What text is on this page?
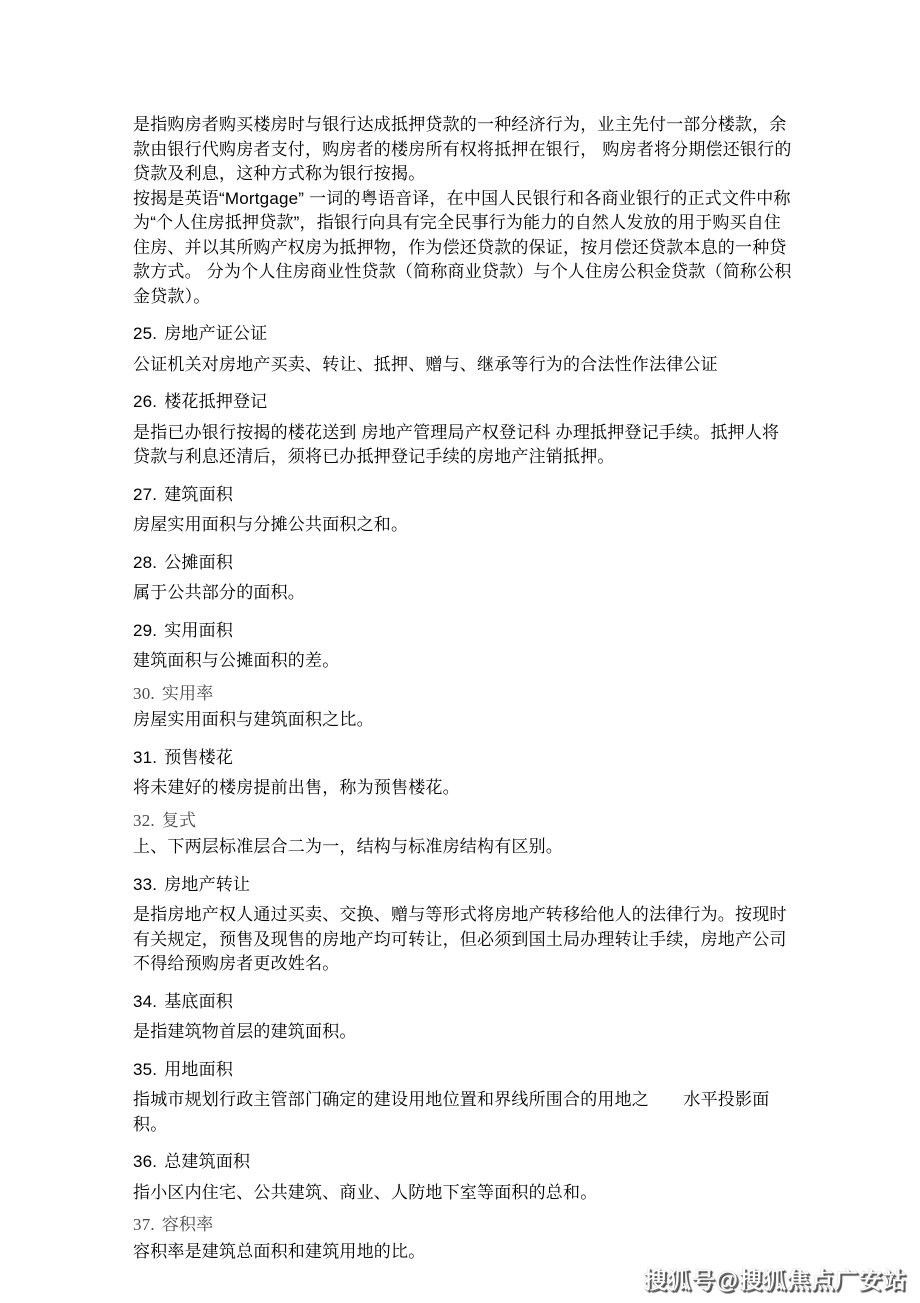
是指购房者购买楼房时与银行达成抵押贷款的一种经济行为，业主先付一部分楼款，余款由银行代购房者支付，购房者的楼房所有权将抵押在银行， 购房者将分期偿还银行的贷款及利息，这种方式称为银行按揭。

按揭是英语“Mortgage” 一词的粤语音译，在中国人民银行和各商业银行的正式文件中称为“个人住房抵押贷款”，指银行向具有完全民事行为能力的自然人发放的用于购买自住住房、并以其所购产权房为抵押物，作为偿还贷款的保证，按月偿还贷款本息的一种贷款方式。 分为个人住房商业性贷款（简称商业贷款）与个人住房公积金贷款（简称公积金贷款）。

25. 房地产证公证

公证机关对房地产买卖、转让、抵押、赠与、继承等行为的合法性作法律公证

26. 楼花抵押登记

是指已办银行按揭的楼花送到 房地产管理局产权登记科 办理抵押登记手续。抵押人将贷款与利息还清后，须将已办抵押登记手续的房地产注销抵押。

27. 建筑面积

房屋实用面积与分摊公共面积之和。

28. 公摊面积

属于公共部分的面积。

29. 实用面积

建筑面积与公摊面积的差。

30. 实用率

房屋实用面积与建筑面积之比。

31. 预售楼花

将未建好的楼房提前出售，称为预售楼花。

32. 复式

上、下两层标准层合二为一，结构与标准房结构有区别。

33. 房地产转让

是指房地产权人通过买卖、交换、赠与等形式将房地产转移给他人的法律行为。按现时有关规定，预售及现售的房地产均可转让，但必须到国土局办理转让手续，房地产公司不得给预购房者更改姓名。

34. 基底面积

是指建筑物首层的建筑面积。

35. 用地面积

指城市规划行政主管部门确定的建设用地位置和界线所围合的用地之　　水平投影面积。

36. 总建筑面积

指小区内住宅、公共建筑、商业、人防地下室等面积的总和。

37. 容积率

容积率是建筑总面积和建筑用地的比。

搜狐号@搜狐焦点广安站
